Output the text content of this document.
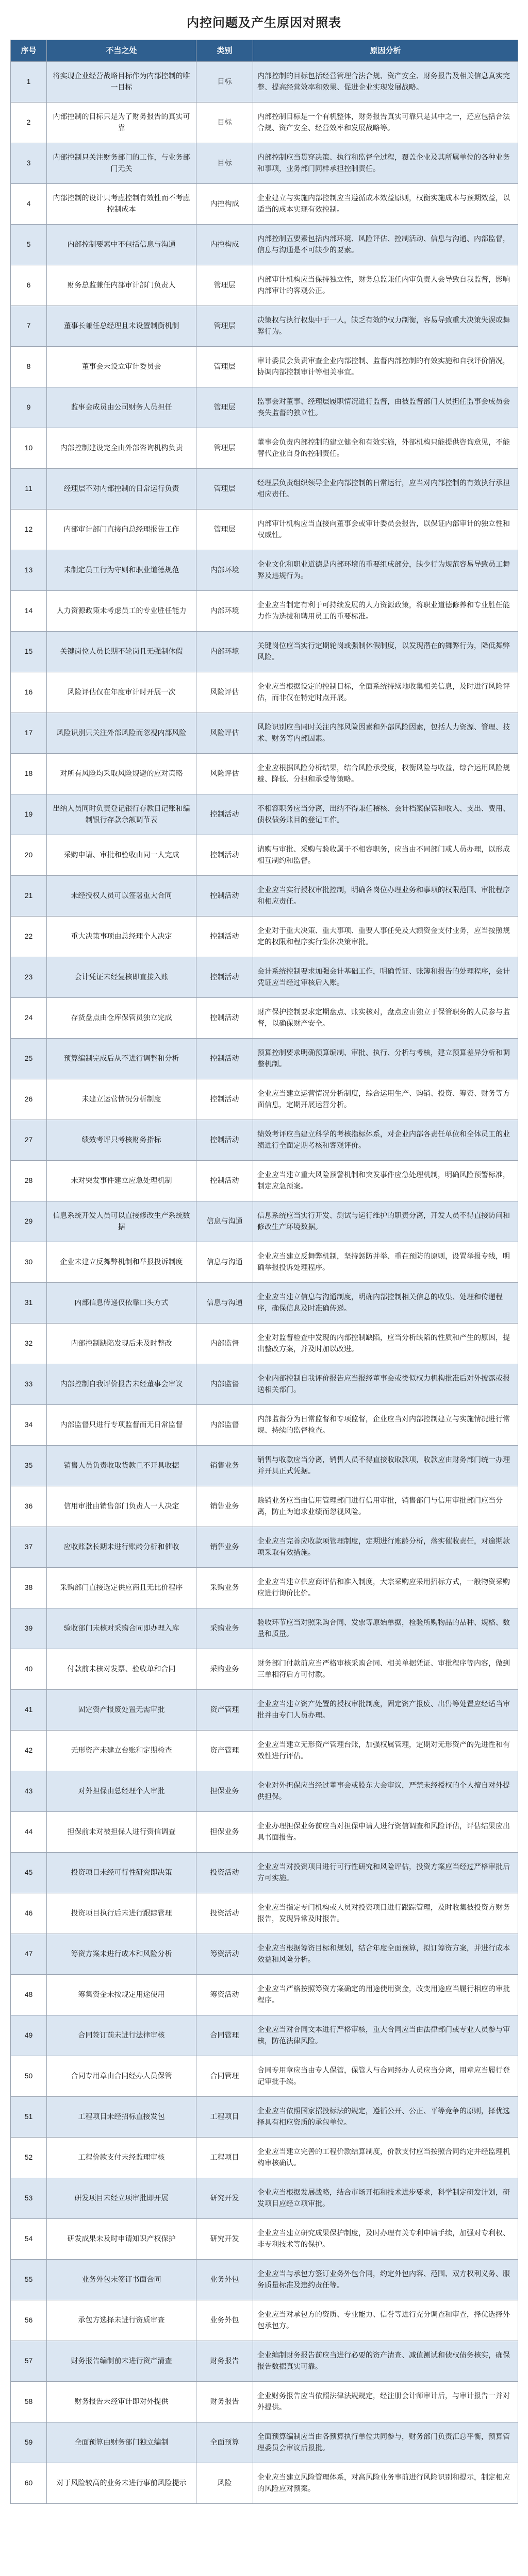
内控问题及产生原因对照表
序号	不当之处	类别	原因分析
1	将实现企业经营战略目标作为内部控制的唯一目标	目标	内部控制的目标包括经营管理合法合规、资产安全、财务报告及相关信息真实完整、提高经营效率和效果、促进企业实现发展战略。
2	内部控制的目标只是为了财务报告的真实可靠	目标	内部控制目标是一个有机整体，财务报告真实可靠只是其中之一，还应包括合法合规、资产安全、经营效率和发展战略等。
3	内部控制只关注财务部门的工作，与业务部门无关	目标	内部控制应当贯穿决策、执行和监督全过程，覆盖企业及其所属单位的各种业务和事项，业务部门同样承担控制责任。
4	内部控制的设计只考虑控制有效性而不考虑控制成本	内控构成	企业建立与实施内部控制应当遵循成本效益原则，权衡实施成本与预期效益，以适当的成本实现有效控制。
5	内部控制要素中不包括信息与沟通	内控构成	内部控制五要素包括内部环境、风险评估、控制活动、信息与沟通、内部监督，信息与沟通是不可缺少的要素。
6	财务总监兼任内部审计部门负责人	管理层	内部审计机构应当保持独立性，财务总监兼任内审负责人会导致自我监督，影响内部审计的客观公正。
7	董事长兼任总经理且未设置制衡机制	管理层	决策权与执行权集中于一人，缺乏有效的权力制衡，容易导致重大决策失误或舞弊行为。
8	董事会未设立审计委员会	管理层	审计委员会负责审查企业内部控制、监督内部控制的有效实施和自我评价情况，协调内部控制审计等相关事宜。
9	监事会成员由公司财务人员担任	管理层	监事会对董事、经理层履职情况进行监督，由被监督部门人员担任监事会成员会丧失监督的独立性。
10	内部控制建设完全由外部咨询机构负责	管理层	董事会负责内部控制的建立健全和有效实施，外部机构只能提供咨询意见，不能替代企业自身的控制责任。
11	经理层不对内部控制的日常运行负责	管理层	经理层负责组织领导企业内部控制的日常运行，应当对内部控制的有效执行承担相应责任。
12	内部审计部门直接向总经理报告工作	管理层	内部审计机构应当直接向董事会或审计委员会报告，以保证内部审计的独立性和权威性。
13	未制定员工行为守则和职业道德规范	内部环境	企业文化和职业道德是内部环境的重要组成部分，缺少行为规范容易导致员工舞弊及违规行为。
14	人力资源政策未考虑员工的专业胜任能力	内部环境	企业应当制定有利于可持续发展的人力资源政策，将职业道德修养和专业胜任能力作为选拔和聘用员工的重要标准。
15	关键岗位人员长期不轮岗且无强制休假	内部环境	关键岗位应当实行定期轮岗或强制休假制度，以发现潜在的舞弊行为，降低舞弊风险。
16	风险评估仅在年度审计时开展一次	风险评估	企业应当根据设定的控制目标，全面系统持续地收集相关信息，及时进行风险评估，而非仅在特定时点开展。
17	风险识别只关注外部风险而忽视内部风险	风险评估	风险识别应当同时关注内部风险因素和外部风险因素，包括人力资源、管理、技术、财务等内部因素。
18	对所有风险均采取风险规避的应对策略	风险评估	企业应根据风险分析结果，结合风险承受度，权衡风险与收益，综合运用风险规避、降低、分担和承受等策略。
19	出纳人员同时负责登记银行存款日记账和编制银行存款余额调节表	控制活动	不相容职务应当分离，出纳不得兼任稽核、会计档案保管和收入、支出、费用、债权债务账目的登记工作。
20	采购申请、审批和验收由同一人完成	控制活动	请购与审批、采购与验收属于不相容职务，应当由不同部门或人员办理，以形成相互制约和监督。
21	未经授权人员可以签署重大合同	控制活动	企业应当实行授权审批控制，明确各岗位办理业务和事项的权限范围、审批程序和相应责任。
22	重大决策事项由总经理个人决定	控制活动	企业对于重大决策、重大事项、重要人事任免及大额资金支付业务，应当按照规定的权限和程序实行集体决策审批。
23	会计凭证未经复核即直接入账	控制活动	会计系统控制要求加强会计基础工作，明确凭证、账簿和报告的处理程序，会计凭证应当经过审核后入账。
24	存货盘点由仓库保管员独立完成	控制活动	财产保护控制要求定期盘点、账实核对，盘点应由独立于保管职务的人员参与监督，以确保财产安全。
25	预算编制完成后从不进行调整和分析	控制活动	预算控制要求明确预算编制、审批、执行、分析与考核，建立预算差异分析和调整机制。
26	未建立运营情况分析制度	控制活动	企业应当建立运营情况分析制度，综合运用生产、购销、投资、筹资、财务等方面信息，定期开展运营分析。
27	绩效考评只考核财务指标	控制活动	绩效考评应当建立科学的考核指标体系，对企业内部各责任单位和全体员工的业绩进行全面定期考核和客观评价。
28	未对突发事件建立应急处理机制	控制活动	企业应当建立重大风险预警机制和突发事件应急处理机制，明确风险预警标准，制定应急预案。
29	信息系统开发人员可以直接修改生产系统数据	信息与沟通	信息系统应当实行开发、测试与运行维护的职责分离，开发人员不得直接访问和修改生产环境数据。
30	企业未建立反舞弊机制和举报投诉制度	信息与沟通	企业应当建立反舞弊机制，坚持惩防并举、重在预防的原则，设置举报专线，明确举报投诉处理程序。
31	内部信息传递仅依靠口头方式	信息与沟通	企业应当建立信息与沟通制度，明确内部控制相关信息的收集、处理和传递程序，确保信息及时准确传递。
32	内部控制缺陷发现后未及时整改	内部监督	企业对监督检查中发现的内部控制缺陷，应当分析缺陷的性质和产生的原因，提出整改方案，并及时加以改进。
33	内部控制自我评价报告未经董事会审议	内部监督	企业内部控制自我评价报告应当报经董事会或类似权力机构批准后对外披露或报送相关部门。
34	内部监督只进行专项监督而无日常监督	内部监督	内部监督分为日常监督和专项监督，企业应当对内部控制建立与实施情况进行常规、持续的监督检查。
35	销售人员负责收取货款且不开具收据	销售业务	销售与收款应当分离，销售人员不得直接收取款项，收款应由财务部门统一办理并开具正式凭据。
36	信用审批由销售部门负责人一人决定	销售业务	赊销业务应当由信用管理部门进行信用审批，销售部门与信用审批部门应当分离，防止为追求业绩而忽视风险。
37	应收账款长期未进行账龄分析和催收	销售业务	企业应当完善应收款项管理制度，定期进行账龄分析，落实催收责任，对逾期款项采取有效措施。
38	采购部门直接选定供应商且无比价程序	采购业务	企业应当建立供应商评估和准入制度，大宗采购应采用招标方式，一般物资采购应进行询价比价。
39	验收部门未核对采购合同即办理入库	采购业务	验收环节应当对照采购合同、发票等原始单据，检验所购物品的品种、规格、数量和质量。
40	付款前未核对发票、验收单和合同	采购业务	财务部门付款前应当严格审核采购合同、相关单据凭证、审批程序等内容，做到三单相符后方可付款。
41	固定资产报废处置无需审批	资产管理	企业应当建立资产处置的授权审批制度，固定资产报废、出售等处置应经适当审批并由专门人员办理。
42	无形资产未建立台账和定期检查	资产管理	企业应当建立无形资产管理台账，加强权属管理，定期对无形资产的先进性和有效性进行评估。
43	对外担保由总经理个人审批	担保业务	企业对外担保应当经过董事会或股东大会审议，严禁未经授权的个人擅自对外提供担保。
44	担保前未对被担保人进行资信调查	担保业务	企业办理担保业务前应当对担保申请人进行资信调查和风险评估，评估结果应出具书面报告。
45	投资项目未经可行性研究即决策	投资活动	企业应当对投资项目进行可行性研究和风险评估，投资方案应当经过严格审批后方可实施。
46	投资项目执行后未进行跟踪管理	投资活动	企业应当指定专门机构或人员对投资项目进行跟踪管理，及时收集被投资方财务报告，发现异常及时报告。
47	筹资方案未进行成本和风险分析	筹资活动	企业应当根据筹资目标和规划，结合年度全面预算，拟订筹资方案，并进行成本效益和风险分析。
48	筹集资金未按规定用途使用	筹资活动	企业应当严格按照筹资方案确定的用途使用资金，改变用途应当履行相应的审批程序。
49	合同签订前未进行法律审核	合同管理	企业应当对合同文本进行严格审核，重大合同应当由法律部门或专业人员参与审核，防范法律风险。
50	合同专用章由合同经办人员保管	合同管理	合同专用章应当由专人保管，保管人与合同经办人员应当分离，用章应当履行登记审批手续。
51	工程项目未经招标直接发包	工程项目	企业应当依照国家招投标法的规定，遵循公开、公正、平等竞争的原则，择优选择具有相应资质的承包单位。
52	工程价款支付未经监理审核	工程项目	企业应当建立完善的工程价款结算制度，价款支付应当按照合同约定并经监理机构审核确认。
53	研发项目未经立项审批即开展	研究开发	企业应当根据发展战略，结合市场开拓和技术进步要求，科学制定研发计划，研发项目应经立项审批。
54	研发成果未及时申请知识产权保护	研究开发	企业应当建立研究成果保护制度，及时办理有关专利申请手续，加强对专利权、非专利技术等的保护。
55	业务外包未签订书面合同	业务外包	企业应当与承包方签订业务外包合同，约定外包内容、范围、双方权利义务、服务质量标准及违约责任等。
56	承包方选择未进行资质审查	业务外包	企业应当对承包方的资质、专业能力、信誉等进行充分调查和审查，择优选择外包承包方。
57	财务报告编制前未进行资产清查	财务报告	企业编制财务报告前应当进行必要的资产清查、减值测试和债权债务核实，确保报告数据真实可靠。
58	财务报告未经审计即对外提供	财务报告	企业财务报告应当依照法律法规规定，经注册会计师审计后，与审计报告一并对外提供。
59	全面预算由财务部门独立编制	全面预算	全面预算编制应当由各预算执行单位共同参与，财务部门负责汇总平衡，预算管理委员会审议后报批。
60	对于风险较高的业务未进行事前风险提示	风险	企业应当建立风险管理体系，对高风险业务事前进行风险识别和提示，制定相应的风险应对预案。
